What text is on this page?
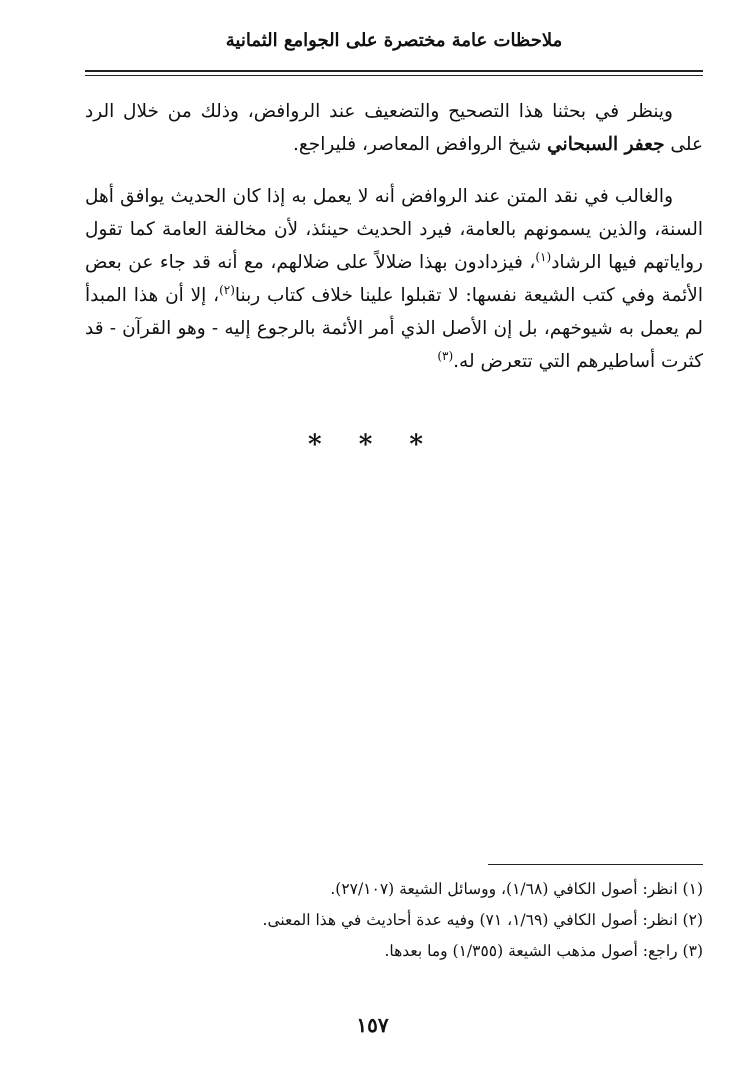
ملاحظات عامة مختصرة على الجوامع الثمانية

وينظر في بحثنا هذا التصحيح والتضعيف عند الروافض، وذلك من خلال الرد على جعفر السبحاني شيخ الروافض المعاصر، فليراجع.

والغالب في نقد المتن عند الروافض أنه لا يعمل به إذا كان الحديث يوافق أهل السنة، والذين يسمونهم بالعامة، فيرد الحديث حينئذ، لأن مخالفة العامة كما تقول رواياتهم فيها الرشاد$^{(١)}$، فيزدادون بهذا ضلالاً على ضلالهم، مع أنه قد جاء عن بعض الأئمة وفي كتب الشيعة نفسها: لا تقبلوا علينا خلاف كتاب ربنا$^{(٢)}$، إلا أن هذا المبدأ لم يعمل به شيوخهم، بل إن الأصل الذي أمر الأئمة بالرجوع إليه - وهو القرآن - قد كثرت أساطيرهم التي تتعرض له.$^{(٣)}$

* * *
(١) انظر: أصول الكافي (١/٦٨)، ووسائل الشيعة (٢٧/١٠٧).
(٢) انظر: أصول الكافي (١/٦٩، ٧١) وفيه عدة أحاديث في هذا المعنى.
(٣) راجع: أصول مذهب الشيعة (١/٣٥٥) وما بعدها.
١٥٧
